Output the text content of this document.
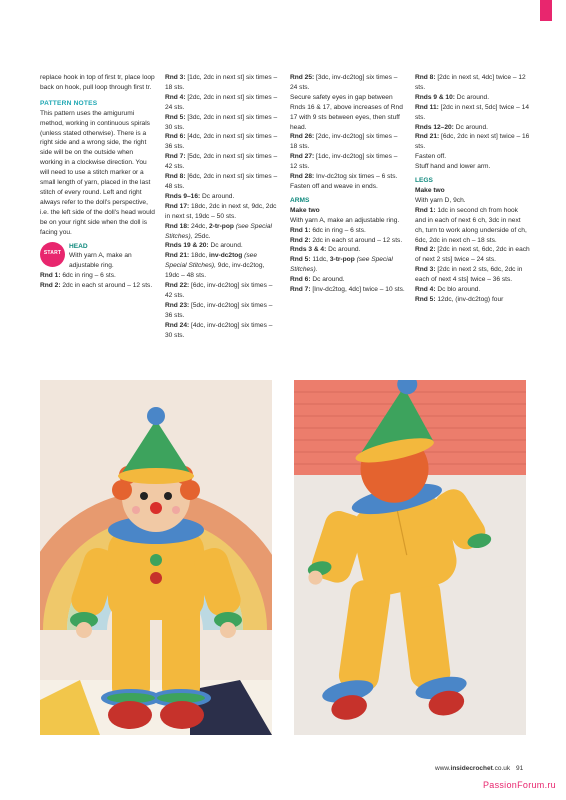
replace hook in top of first tr, place loop back on hook, pull loop through first tr.

PATTERN NOTES

This pattern uses the amigurumi method, working in continuous spirals (unless stated otherwise). There is a right side and a wrong side, the right side will be on the outside when working in a clockwise direction. You will need to use a stitch marker or a small length of yarn, placed in the last stitch of every round. Left and right always refer to the doll's perspective, i.e. the left side of the doll's head would be on your right side when the doll is facing you.

START

HEAD

With yarn A, make an adjustable ring.

Rnd 1: 6dc in ring – 6 sts.

Rnd 2: 2dc in each st around – 12 sts.

Rnd 3: [1dc, 2dc in next st] six times – 18 sts.

Rnd 4: [2dc, 2dc in next st] six times – 24 sts.

Rnd 5: [3dc, 2dc in next st] six times – 30 sts.

Rnd 6: [4dc, 2dc in next st] six times – 36 sts.

Rnd 7: [5dc, 2dc in next st] six times – 42 sts.

Rnd 8: [6dc, 2dc in next st] six times – 48 sts.

Rnds 9–16: Dc around.

Rnd 17: 18dc, 2dc in next st, 9dc, 2dc in next st, 19dc – 50 sts.

Rnd 18: 24dc, 2-tr-pop (see Special Stitches), 25dc.

Rnds 19 & 20: Dc around.

Rnd 21: 18dc, inv-dc2tog (see Special Stitches), 9dc, inv-dc2tog, 19dc – 48 sts.

Rnd 22: [6dc, inv-dc2tog] six times – 42 sts.

Rnd 23: [5dc, inv-dc2tog] six times – 36 sts.

Rnd 24: [4dc, inv-dc2tog] six times – 30 sts.

Rnd 25: [3dc, inv-dc2tog] six times – 24 sts.

Secure safety eyes in gap between Rnds 16 & 17, above increases of Rnd 17 with 9 sts between eyes, then stuff head.

Rnd 26: [2dc, inv-dc2tog] six times – 18 sts.

Rnd 27: [1dc, inv-dc2tog] six times – 12 sts.

Rnd 28: Inv-dc2tog six times – 6 sts.

Fasten off and weave in ends.

ARMS

Make two

With yarn A, make an adjustable ring.

Rnd 1: 6dc in ring – 6 sts.

Rnd 2: 2dc in each st around – 12 sts.

Rnds 3 & 4: Dc around.

Rnd 5: 11dc, 3-tr-pop (see Special Stitches).

Rnd 6: Dc around.

Rnd 7: [Inv-dc2tog, 4dc] twice – 10 sts.

Rnd 8: [2dc in next st, 4dc] twice – 12 sts.

Rnds 9 & 10: Dc around.

Rnd 11: [2dc in next st, 5dc] twice – 14 sts.

Rnds 12–20: Dc around.

Rnd 21: [6dc, 2dc in next st] twice – 16 sts.

Fasten off.

Stuff hand and lower arm.

LEGS

Make two

With yarn D, 9ch.

Rnd 1: 1dc in second ch from hook and in each of next 6 ch, 3dc in next ch, turn to work along underside of ch, 6dc, 2dc in next ch – 18 sts.

Rnd 2: [2dc in next st, 6dc, 2dc in each of next 2 sts] twice – 24 sts.

Rnd 3: [2dc in next 2 sts, 6dc, 2dc in each of next 4 sts] twice – 36 sts.

Rnd 4: Dc blo around.

Rnd 5: 12dc, (inv-dc2tog) four

www.insidecrochet.co.uk 91
PassionForum.ru
